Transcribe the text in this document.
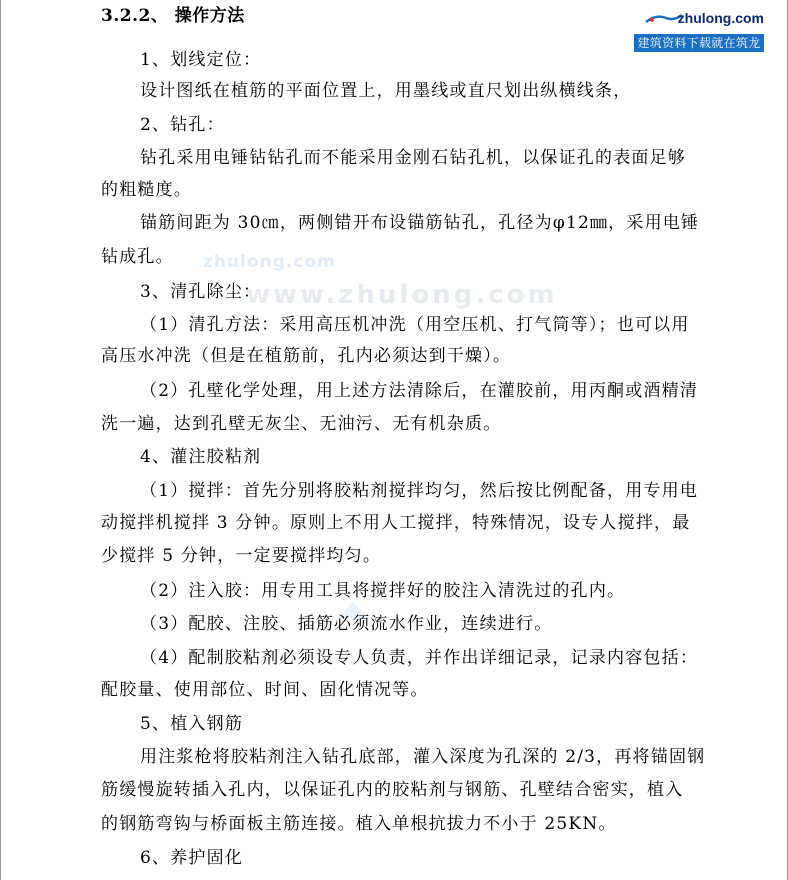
zhulong.com
建筑资料下载就在筑龙网
zhulong.com
www.zhulong.com
3.2.2、 操作方法
1、划线定位：
设计图纸在植筋的平面位置上，用墨线或直尺划出纵横线条，
2、钻孔：
钻孔采用电锤钻钻孔而不能采用金刚石钻孔机，以保证孔的表面足够
的粗糙度。
锚筋间距为 30㎝，两侧错开布设锚筋钻孔，孔径为φ12㎜，采用电锤
钻成孔。
3、清孔除尘：
（1）清孔方法：采用高压机冲洗（用空压机、打气筒等）；也可以用
高压水冲洗（但是在植筋前，孔内必须达到干燥）。
（2）孔壁化学处理，用上述方法清除后，在灌胶前，用丙酮或酒精清
洗一遍，达到孔壁无灰尘、无油污、无有机杂质。
4、灌注胶粘剂
（1）搅拌：首先分别将胶粘剂搅拌均匀，然后按比例配备，用专用电
动搅拌机搅拌 3 分钟。原则上不用人工搅拌，特殊情况，设专人搅拌，最
少搅拌 5 分钟，一定要搅拌均匀。
（2）注入胶：用专用工具将搅拌好的胶注入清洗过的孔内。
（3）配胶、注胶、插筋必须流水作业，连续进行。
（4）配制胶粘剂必须设专人负责，并作出详细记录，记录内容包括：
配胶量、使用部位、时间、固化情况等。
5、植入钢筋
用注浆枪将胶粘剂注入钻孔底部，灌入深度为孔深的 2/3，再将锚固钢
筋缓慢旋转插入孔内，以保证孔内的胶粘剂与钢筋、孔壁结合密实，植入
的钢筋弯钩与桥面板主筋连接。植入单根抗拔力不小于 25KN。
6、养护固化
